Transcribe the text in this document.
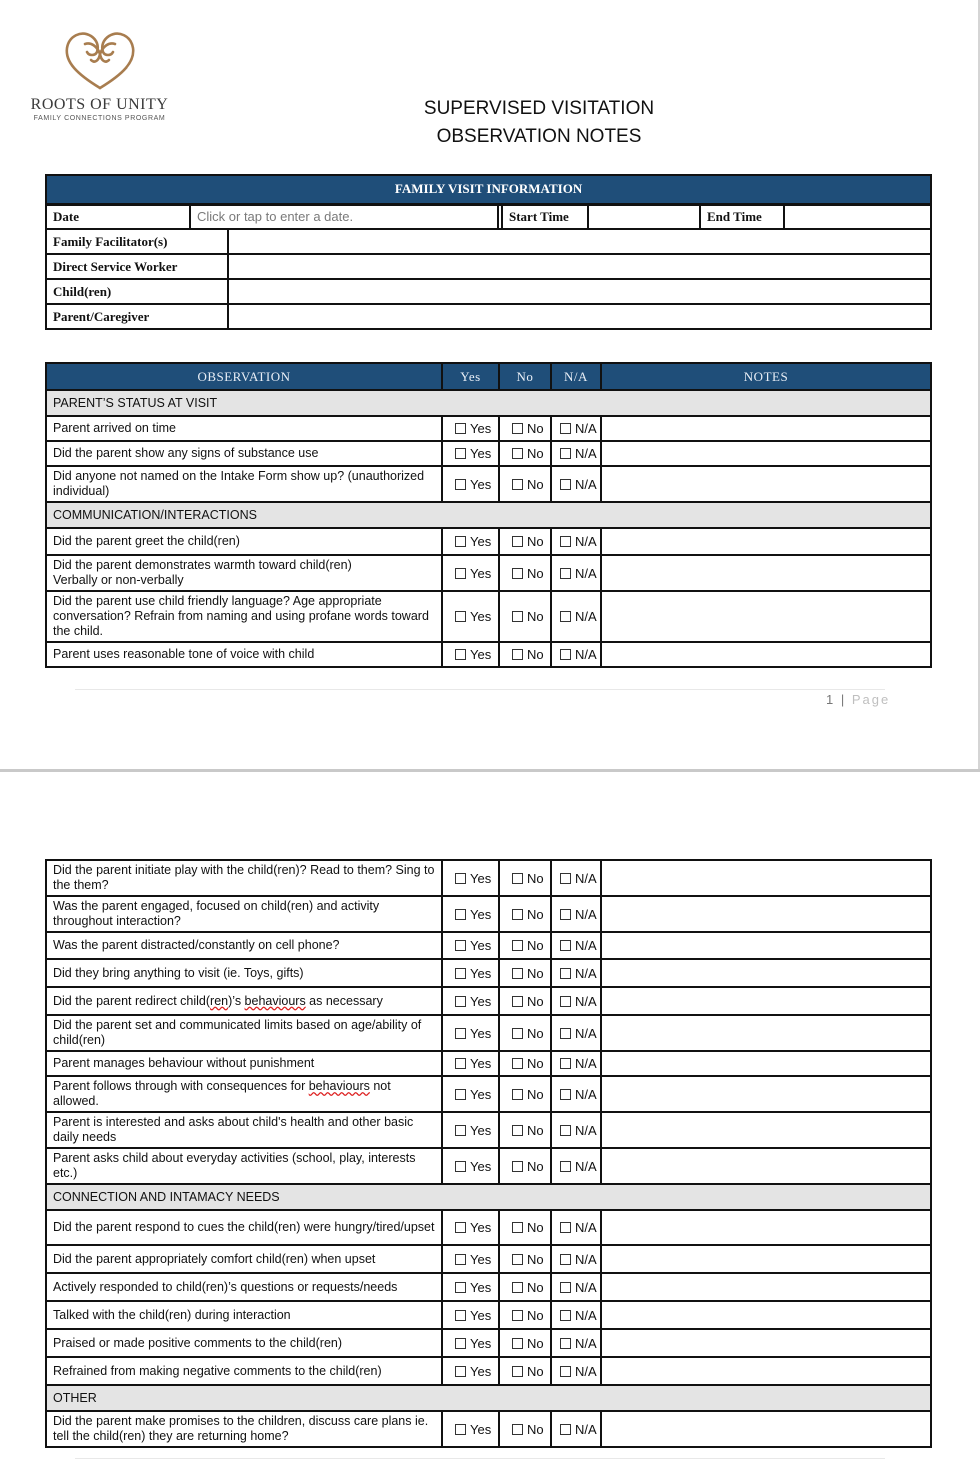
ROOTS OF UNITY
FAMILY CONNECTIONS PROGRAM	SUPERVISED VISITATION
OBSERVATION NOTES
FAMILY VISIT INFORMATION							
Date	Click or tap to enter a date.			Start Time		End Time	
Family Facilitator(s)							
Direct Service Worker							
Child(ren)							
Parent/Caregiver							
OBSERVATION	Yes	No	N/A	NOTES
PARENT’S STATUS AT VISIT				
Parent arrived on time	Yes	No	N/A	
Did the parent show any signs of substance use	Yes	No	N/A	
Did anyone not named on the Intake Form show up? (unauthorized individual)	Yes	No	N/A	
COMMUNICATION/INTERACTIONS				
Did the parent greet the child(ren)	Yes	No	N/A	

Did the parent demonstrates warmth toward child(ren)
Verbally or non-verbally	Yes	No	N/A	
Did the parent use child friendly language? Age appropriate conversation? Refrain from naming and using profane words toward the child.	Yes	No	N/A	
Parent uses reasonable tone of voice with child	Yes	No	N/A	
1 | Page
Did the parent initiate play with the child(ren)? Read to them? Sing to the them?	Yes	No	N/A	
Was the parent engaged, focused on child(ren) and activity throughout interaction?	Yes	No	N/A	
Was the parent distracted/constantly on cell phone?	Yes	No	N/A	
Did they bring anything to visit (ie. Toys, gifts)	Yes	No	N/A	
Did the parent redirect child(ren)’s behaviours as necessary	Yes	No	N/A	
Did the parent set and communicated limits based on age/ability of child(ren)	Yes	No	N/A	
Parent manages behaviour without punishment	Yes	No	N/A	
Parent follows through with consequences for behaviours not allowed.	Yes	No	N/A	
Parent is interested and asks about child's health and other basic daily needs	Yes	No	N/A	
Parent asks child about everyday activities (school, play, interests etc.)	Yes	No	N/A	
CONNECTION AND INTAMACY NEEDS				
Did the parent respond to cues the child(ren) were hungry/tired/upset	Yes	No	N/A	
Did the parent appropriately comfort child(ren) when upset	Yes	No	N/A	
Actively responded to child(ren)’s questions or requests/needs	Yes	No	N/A	
Talked with the child(ren) during interaction	Yes	No	N/A	
Praised or made positive comments to the child(ren)	Yes	No	N/A	
Refrained from making negative comments to the child(ren)	Yes	No	N/A	
OTHER				
Did the parent make promises to the children, discuss care plans ie. tell the child(ren) they are returning home?	Yes	No	N/A	
